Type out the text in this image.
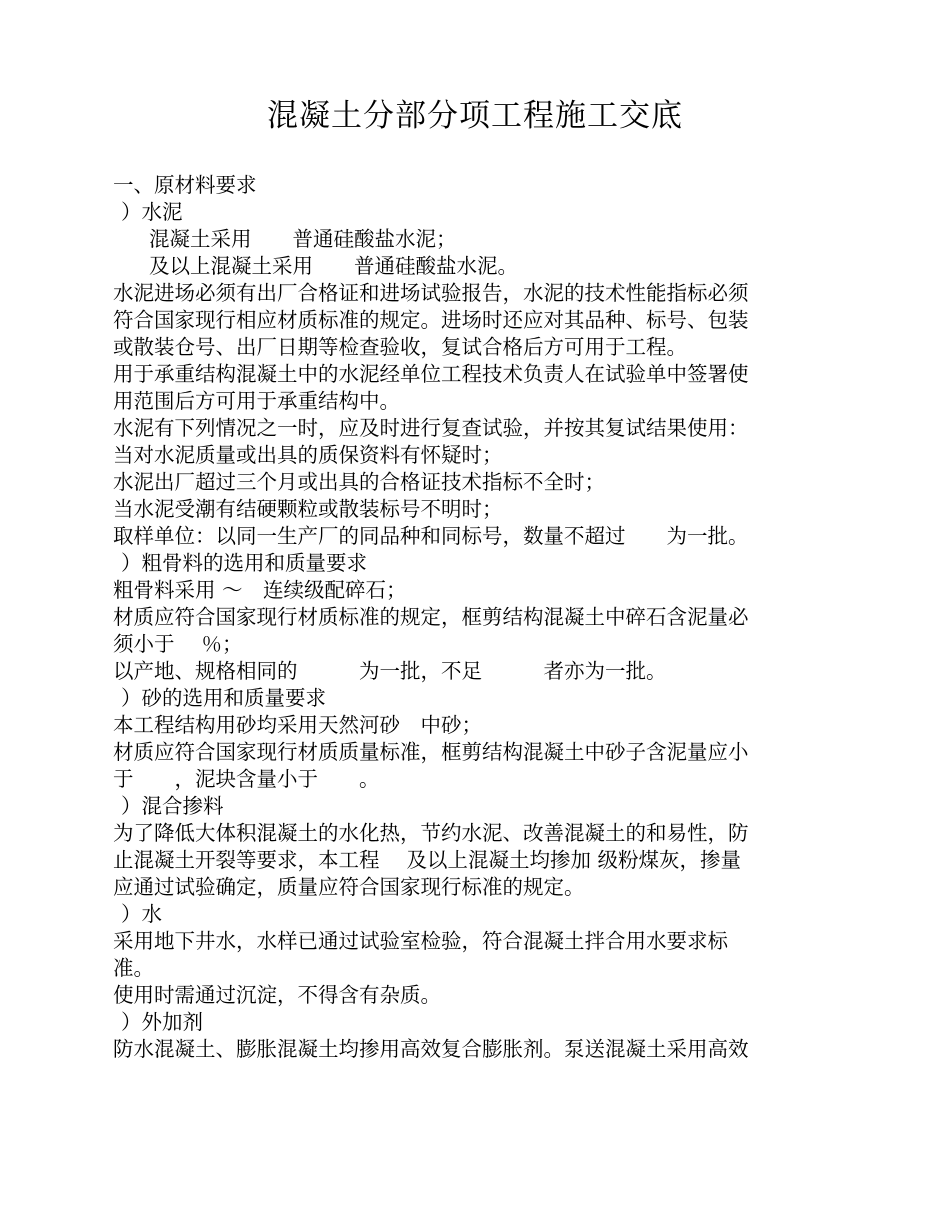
混凝土分部分项工程施工交底
一、原材料要求
）水泥
混凝土采用　　普通硅酸盐水泥；
及以上混凝土采用　　普通硅酸盐水泥。
水泥进场必须有出厂合格证和进场试验报告，水泥的技术性能指标必须
符合国家现行相应材质标准的规定。进场时还应对其品种、标号、包装
或散装仓号、出厂日期等检查验收，复试合格后方可用于工程。
用于承重结构混凝土中的水泥经单位工程技术负责人在试验单中签署使
用范围后方可用于承重结构中。
水泥有下列情况之一时，应及时进行复查试验，并按其复试结果使用：
当对水泥质量或出具的质保资料有怀疑时；
水泥出厂超过三个月或出具的合格证技术指标不全时；
当水泥受潮有结硬颗粒或散装标号不明时；
取样单位：以同一生产厂的同品种和同标号，数量不超过　　为一批。
）粗骨料的选用和质量要求
粗骨料采用 ～　连续级配碎石；
材质应符合国家现行材质标准的规定，框剪结构混凝土中碎石含泥量必
须小于　 ％；
以产地、规格相同的　　　为一批，不足　　　者亦为一批。
）砂的选用和质量要求
本工程结构用砂均采用天然河砂　中砂；
材质应符合国家现行材质质量标准，框剪结构混凝土中砂子含泥量应小
于　　，泥块含量小于　　。
）混合掺料
为了降低大体积混凝土的水化热，节约水泥、改善混凝土的和易性，防
止混凝土开裂等要求，本工程　 及以上混凝土均掺加 级粉煤灰，掺量
应通过试验确定，质量应符合国家现行标准的规定。
）水
采用地下井水，水样已通过试验室检验，符合混凝土拌合用水要求标
准。
使用时需通过沉淀，不得含有杂质。
）外加剂
防水混凝土、膨胀混凝土均掺用高效复合膨胀剂。泵送混凝土采用高效
